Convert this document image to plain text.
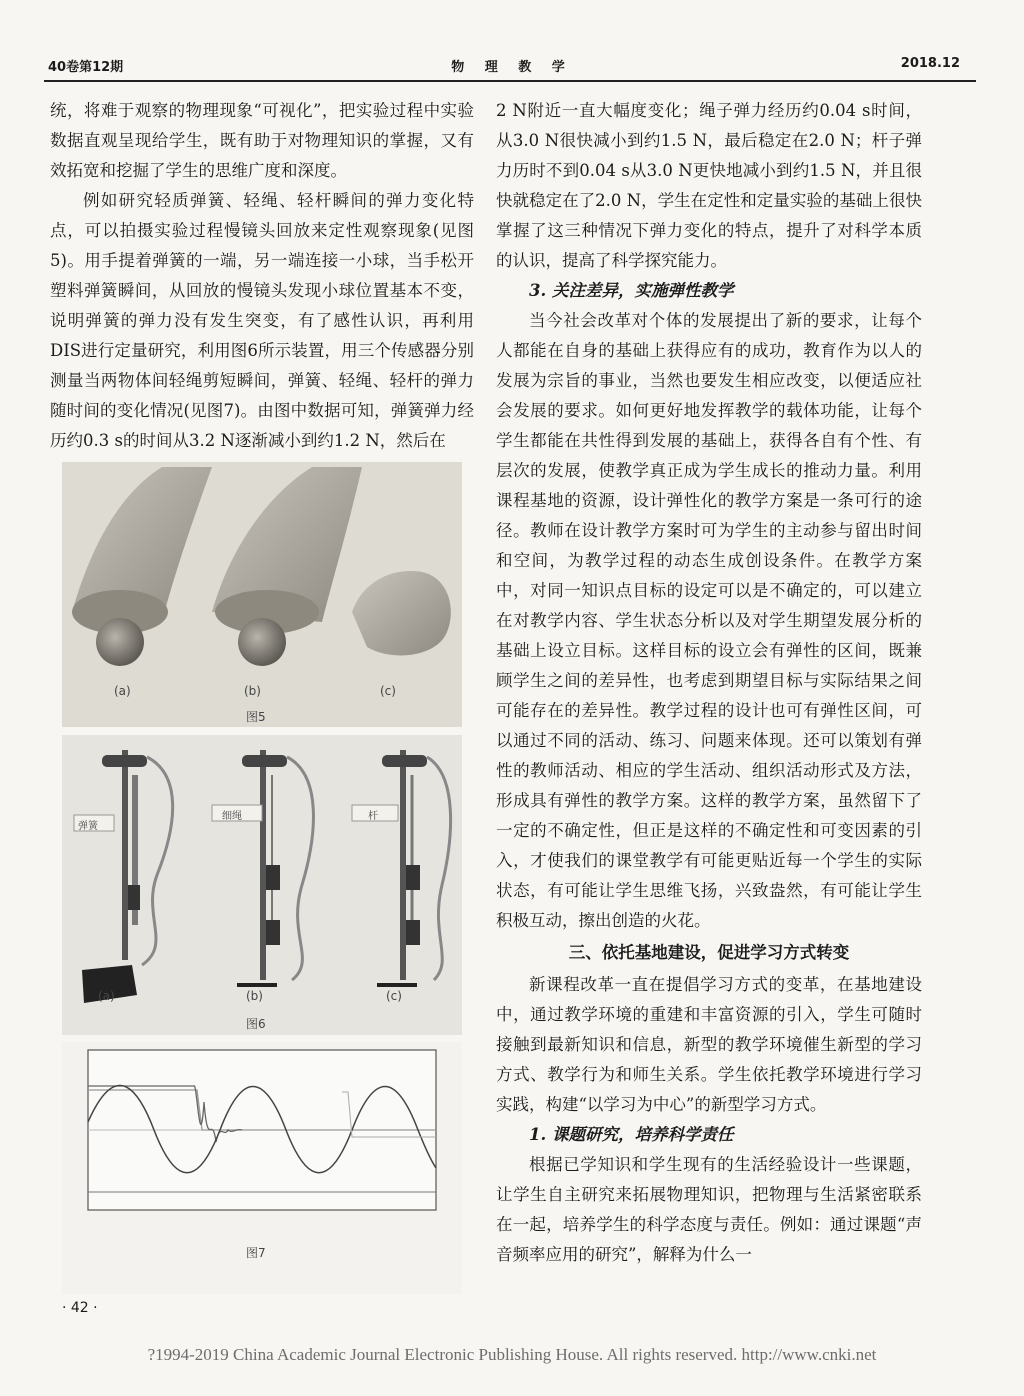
40卷第12期	物 理 教 学	2018.12

统，将难于观察的物理现象“可视化”，把实验过程中实验数据直观呈现给学生，既有助于对物理知识的掌握，又有效拓宽和挖掘了学生的思维广度和深度。

例如研究轻质弹簧、轻绳、轻杆瞬间的弹力变化特点，可以拍摄实验过程慢镜头回放来定性观察现象(见图5)。用手提着弹簧的一端，另一端连接一小球，当手松开塑料弹簧瞬间，从回放的慢镜头发现小球位置基本不变，说明弹簧的弹力没有发生突变，有了感性认识，再利用DIS进行定量研究，利用图6所示装置，用三个传感器分别测量当两物体间轻绳剪短瞬间，弹簧、轻绳、轻杆的弹力随时间的变化情况(见图7)。由图中数据可知，弹簧弹力经历约0.3 s的时间从3.2 N逐渐减小到约1.2 N，然后在

2 N附近一直大幅度变化；绳子弹力经历约0.04 s时间，从3.0 N很快减小到约1.5 N，最后稳定在2.0 N；杆子弹力历时不到0.04 s从3.0 N更快地减小到约1.5 N，并且很快就稳定在了2.0 N，学生在定性和定量实验的基础上很快掌握了这三种情况下弹力变化的特点，提升了对科学本质的认识，提高了科学探究能力。

3. 关注差异，实施弹性教学

当今社会改革对个体的发展提出了新的要求，让每个人都能在自身的基础上获得应有的成功，教育作为以人的发展为宗旨的事业，当然也要发生相应改变，以便适应社会发展的要求。如何更好地发挥教学的载体功能，让每个学生都能在共性得到发展的基础上，获得各自有个性、有层次的发展，使教学真正成为学生成长的推动力量。利用课程基地的资源，设计弹性化的教学方案是一条可行的途径。教师在设计教学方案时可为学生的主动参与留出时间和空间，为教学过程的动态生成创设条件。在教学方案中，对同一知识点目标的设定可以是不确定的，可以建立在对教学内容、学生状态分析以及对学生期望发展分析的基础上设立目标。这样目标的设立会有弹性的区间，既兼顾学生之间的差异性，也考虑到期望目标与实际结果之间可能存在的差异性。教学过程的设计也可有弹性区间，可以通过不同的活动、练习、问题来体现。还可以策划有弹性的教师活动、相应的学生活动、组织活动形式及方法，形成具有弹性的教学方案。这样的教学方案，虽然留下了一定的不确定性，但正是这样的不确定性和可变因素的引入，才使我们的课堂教学有可能更贴近每一个学生的实际状态，有可能让学生思维飞扬，兴致盎然，有可能让学生积极互动，擦出创造的火花。

三、依托基地建设，促进学习方式转变

新课程改革一直在提倡学习方式的变革，在基地建设中，通过教学环境的重建和丰富资源的引入，学生可随时接触到最新知识和信息，新型的教学环境催生新型的学习方式、教学行为和师生关系。学生依托教学环境进行学习实践，构建“以学习为中心”的新型学习方式。

1. 课题研究，培养科学责任

根据已学知识和学生现有的生活经验设计一些课题，让学生自主研究来拓展物理知识，把物理与生活紧密联系在一起，培养学生的科学态度与责任。例如：通过课题“声音频率应用的研究”，解释为什么一

(a)	(b)	(c)
图5
弹簧
细绳	杆
(a)	(b)	(c)
图6
图7
· 42 ·
?1994-2019 China Academic Journal Electronic Publishing House. All rights reserved. http://www.cnki.net
